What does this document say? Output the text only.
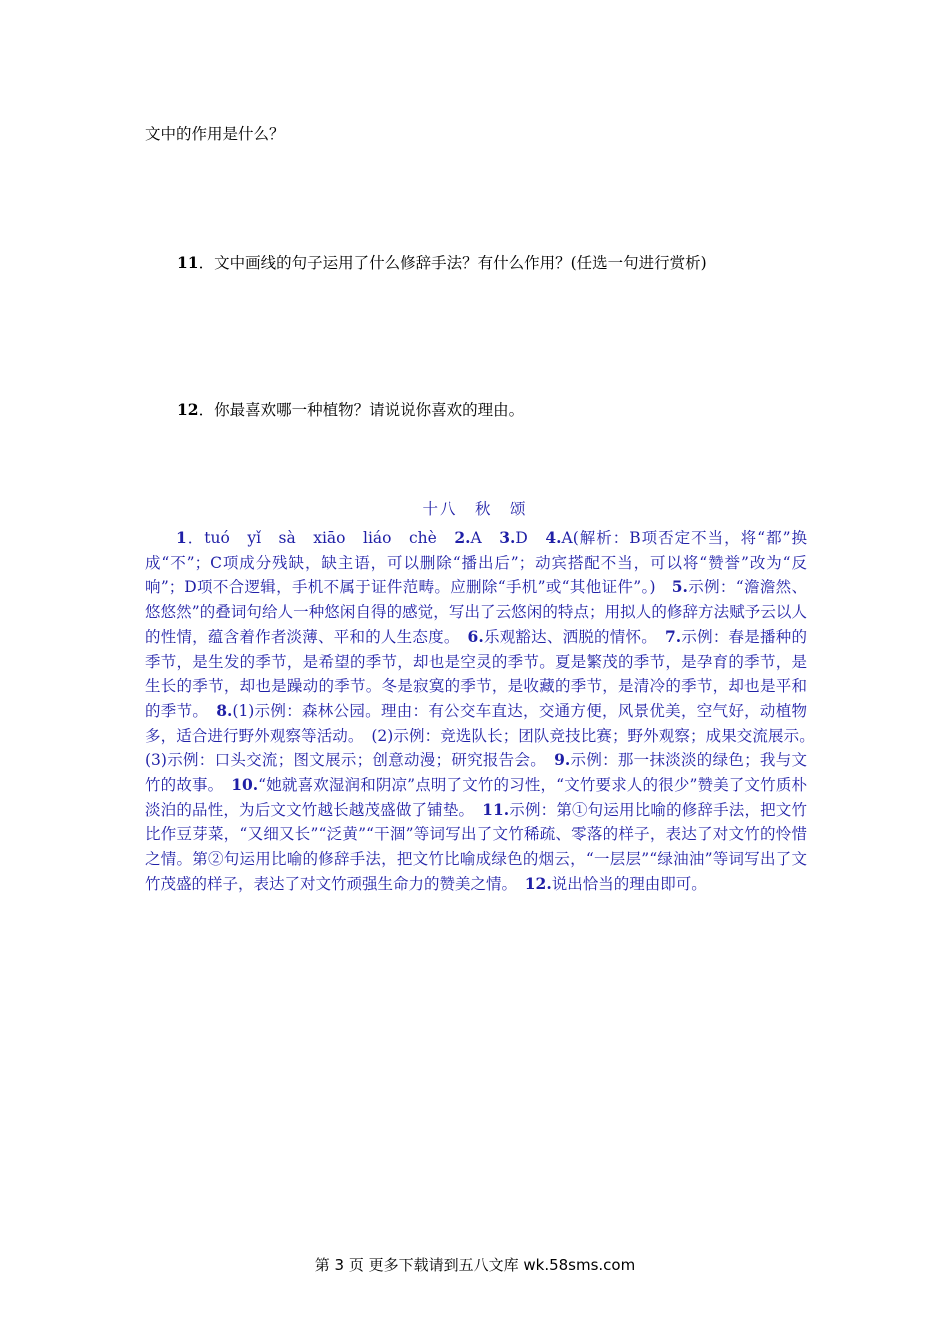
文中的作用是什么？
11．文中画线的句子运用了什么修辞手法？有什么作用？(任选一句进行赏析)
12．你最喜欢哪一种植物？请说说你喜欢的理由。
十八　秋　颂

1．tuó　yǐ　sà　xiāo　liáo　chè　2.A　3.D　4.A(解析：B项否定不当，将“都”换成“不”；C项成分残缺，缺主语，可以删除“播出后”；动宾搭配不当，可以将“赞誉”改为“反响”；D项不合逻辑，手机不属于证件范畴。应删除“手机”或“其他证件”。)　5.示例：“澹澹然、悠悠然”的叠词句给人一种悠闲自得的感觉，写出了云悠闲的特点；用拟人的修辞方法赋予云以人的性情，蕴含着作者淡薄、平和的人生态度。　6.乐观豁达、洒脱的情怀。　7.示例：春是播种的季节，是生发的季节，是希望的季节，却也是空灵的季节。夏是繁茂的季节，是孕育的季节，是生长的季节，却也是躁动的季节。冬是寂寞的季节，是收藏的季节，是清冷的季节，却也是平和的季节。　8.(1)示例：森林公园。理由：有公交车直达，交通方便，风景优美，空气好，动植物多，适合进行野外观察等活动。　(2)示例：竞选队长；团队竞技比赛；野外观察；成果交流展示。　(3)示例：口头交流；图文展示；创意动漫；研究报告会。　9.示例：那一抹淡淡的绿色；我与文竹的故事。　10.“她就喜欢湿润和阴凉”点明了文竹的习性，“文竹要求人的很少”赞美了文竹质朴淡泊的品性，为后文文竹越长越茂盛做了铺垫。　11.示例：第①句运用比喻的修辞手法，把文竹比作豆芽菜，“又细又长”“泛黄”“干涸”等词写出了文竹稀疏、零落的样子，表达了对文竹的怜惜之情。第②句运用比喻的修辞手法，把文竹比喻成绿色的烟云，“一层层”“绿油油”等词写出了文竹茂盛的样子，表达了对文竹顽强生命力的赞美之情。　12.说出恰当的理由即可。

第 3 页 更多下载请到五八文库 wk.58sms.com
